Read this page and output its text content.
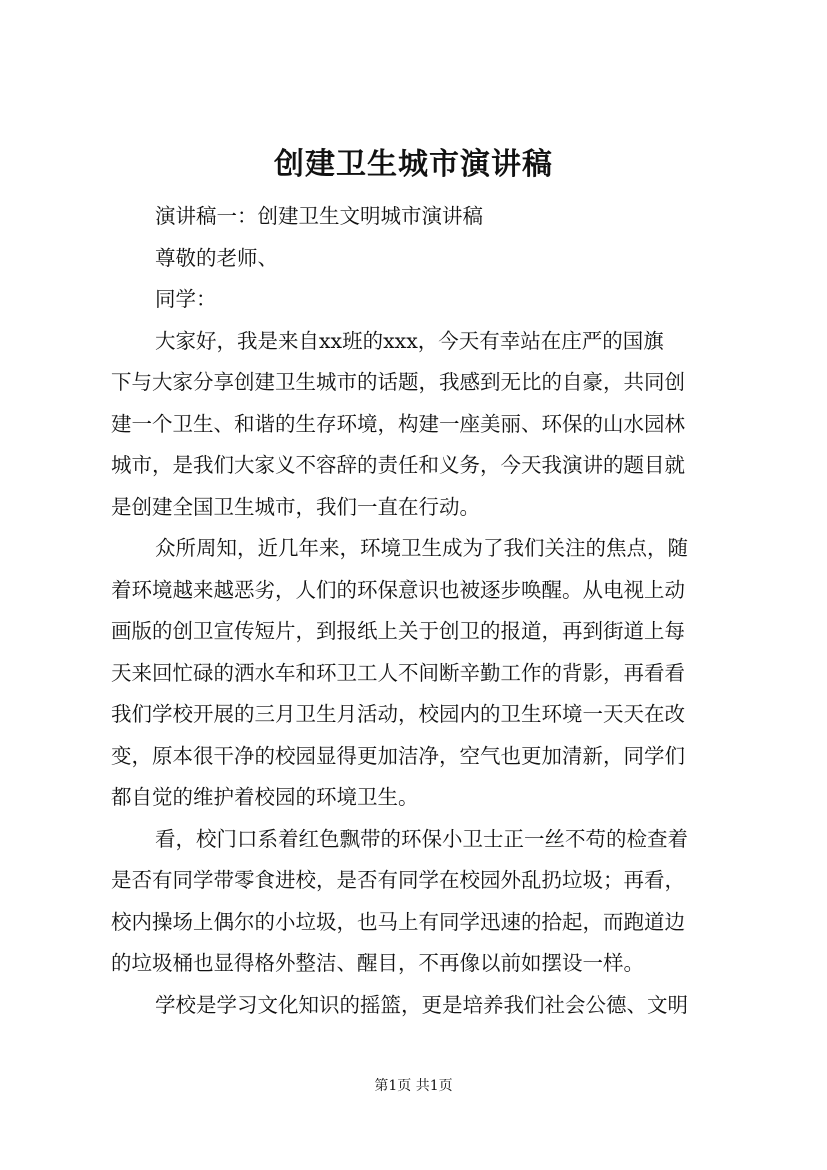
创建卫生城市演讲稿
演讲稿一：创建卫生文明城市演讲稿
尊敬的老师、
同学：
大家好，我是来自xx班的xxx，今天有幸站在庄严的国旗
下与大家分享创建卫生城市的话题，我感到无比的自豪，共同创
建一个卫生、和谐的生存环境，构建一座美丽、环保的山水园林
城市，是我们大家义不容辞的责任和义务，今天我演讲的题目就
是创建全国卫生城市，我们一直在行动。
众所周知，近几年来，环境卫生成为了我们关注的焦点，随
着环境越来越恶劣，人们的环保意识也被逐步唤醒。从电视上动
画版的创卫宣传短片，到报纸上关于创卫的报道，再到街道上每
天来回忙碌的洒水车和环卫工人不间断辛勤工作的背影，再看看
我们学校开展的三月卫生月活动，校园内的卫生环境一天天在改
变，原本很干净的校园显得更加洁净，空气也更加清新，同学们
都自觉的维护着校园的环境卫生。
看，校门口系着红色飘带的环保小卫士正一丝不苟的检查着
是否有同学带零食进校，是否有同学在校园外乱扔垃圾；再看，
校内操场上偶尔的小垃圾，也马上有同学迅速的拾起，而跑道边
的垃圾桶也显得格外整洁、醒目，不再像以前如摆设一样。
学校是学习文化知识的摇篮，更是培养我们社会公德、文明
第1页 共1页
